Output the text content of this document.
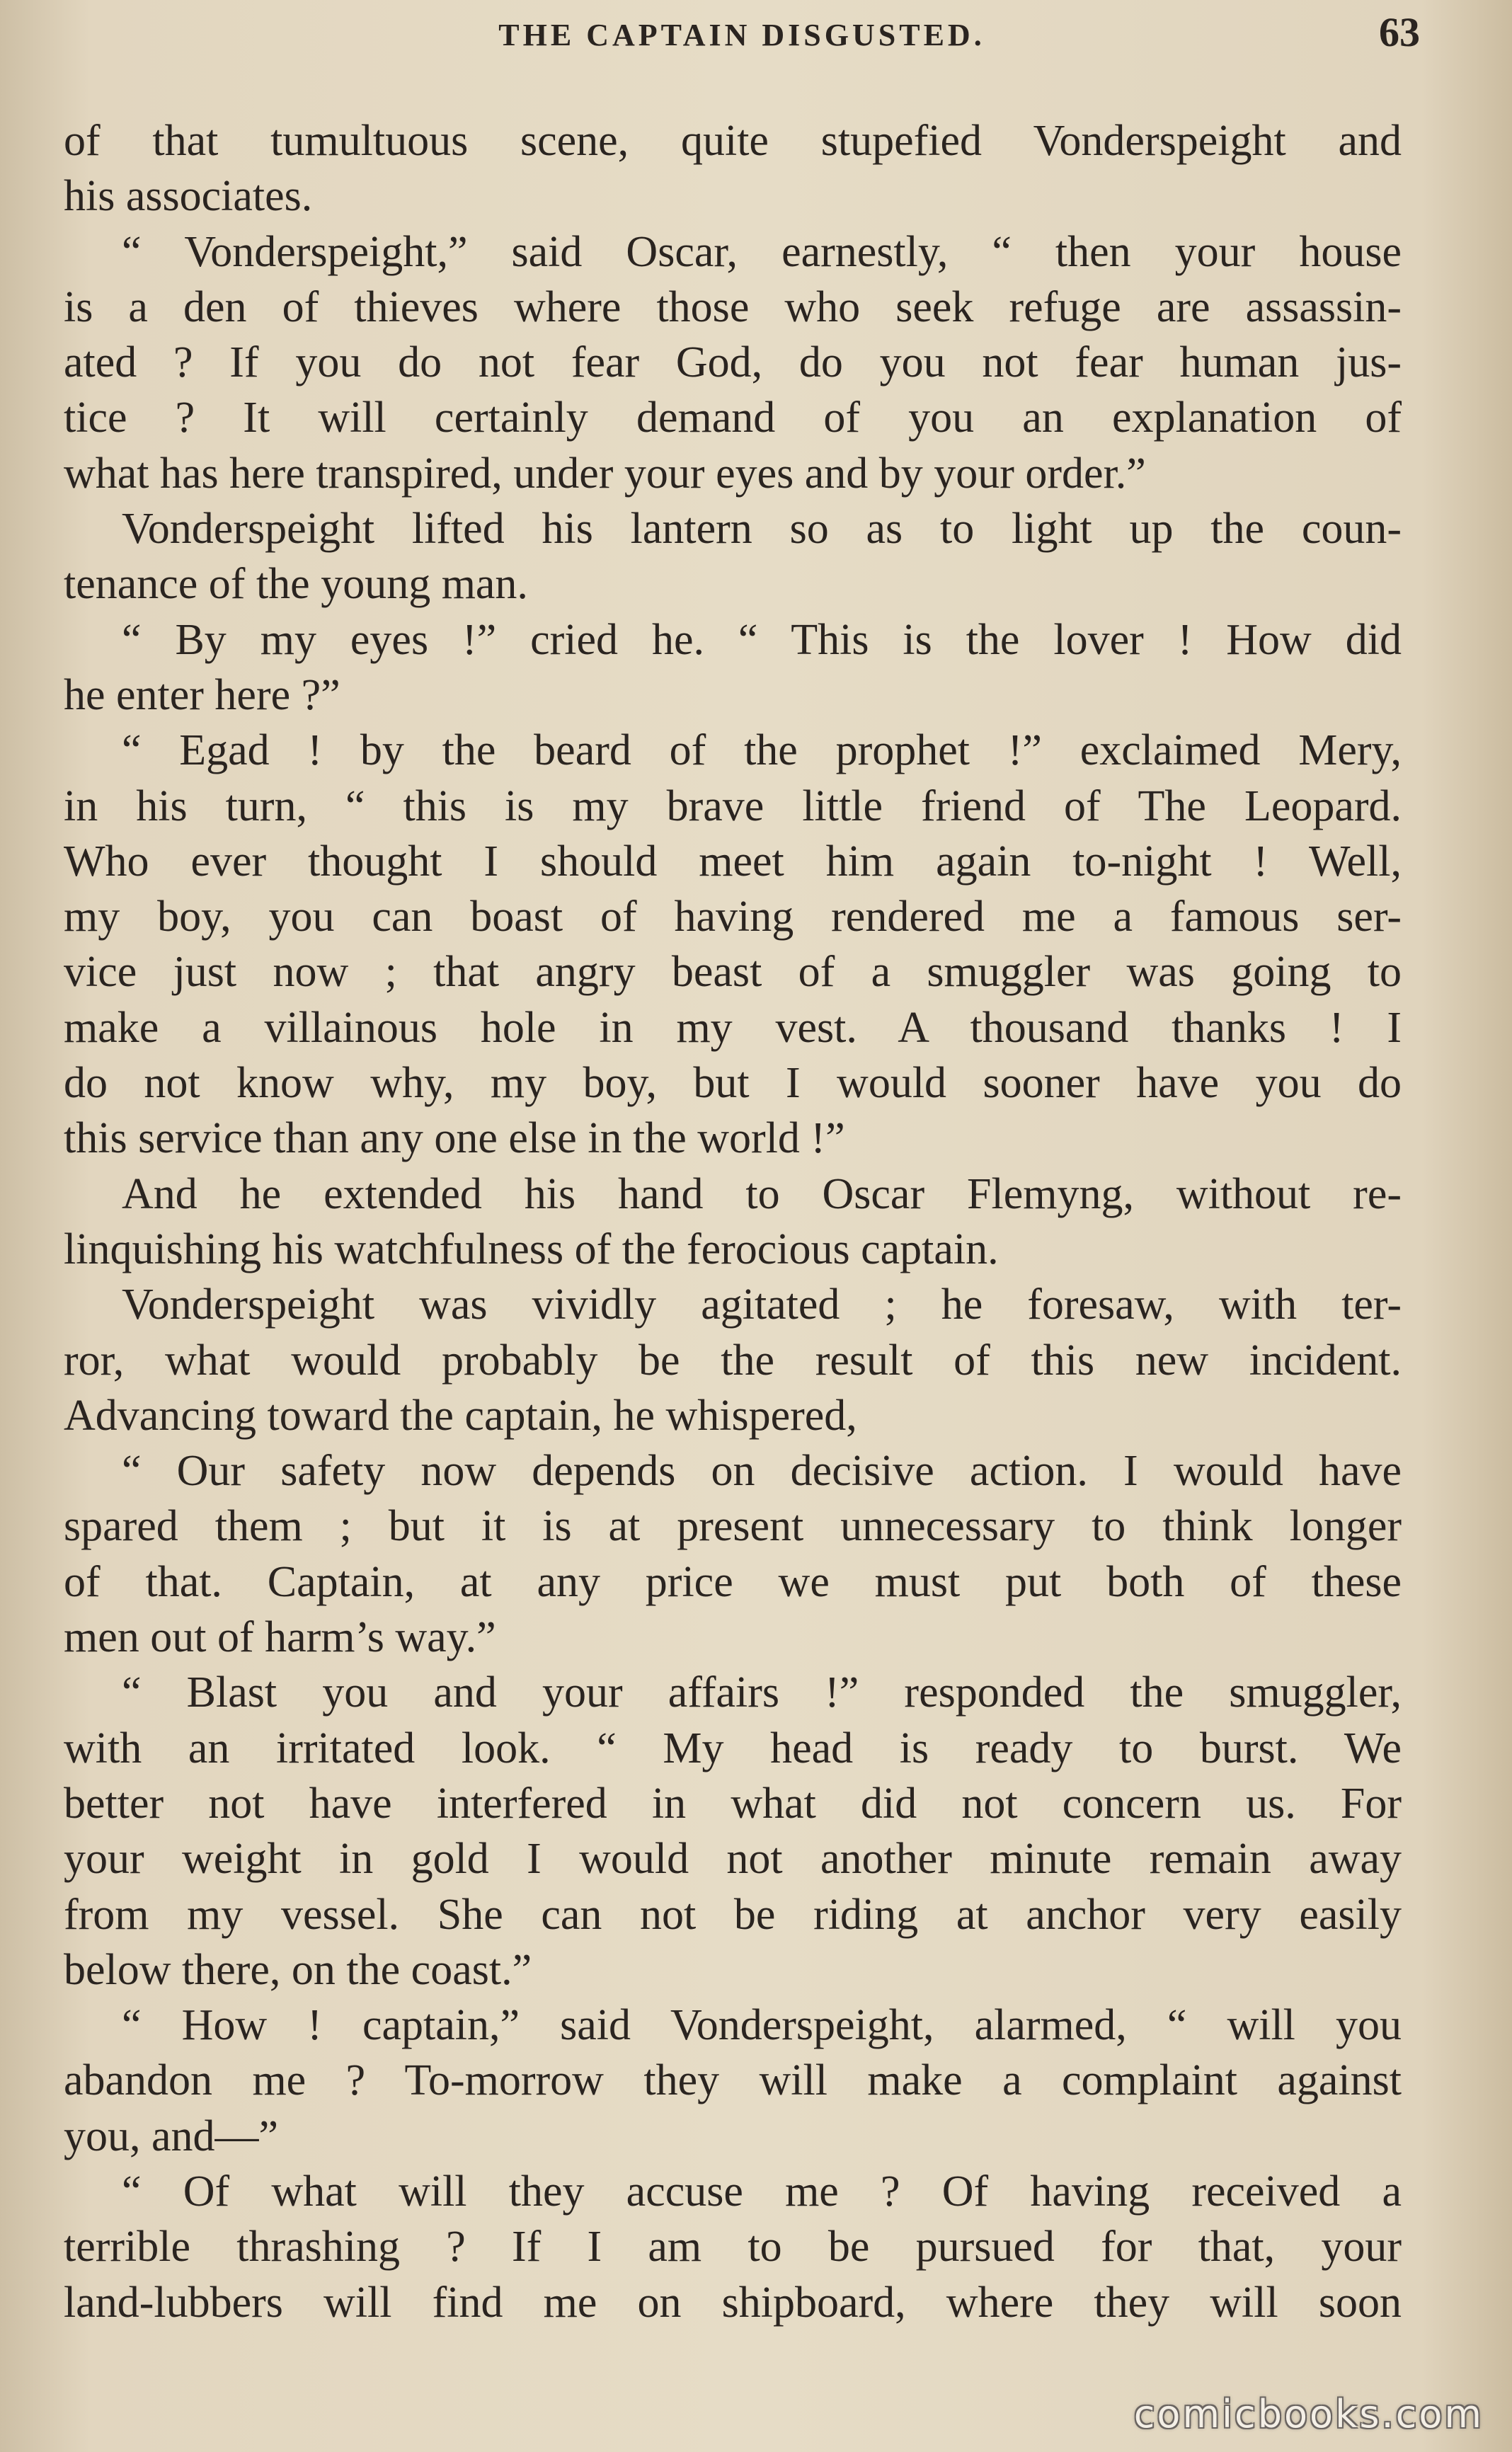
THE CAPTAIN DISGUSTED.	63
of that tumultuous scene, quite stupefied Vonderspeight and
his associates.
“ Vonderspeight,” said Oscar, earnestly, “ then your house
is a den of thieves where those who seek refuge are assassin-
ated ? If you do not fear God, do you not fear human jus-
tice ? It will certainly demand of you an explanation of
what has here transpired, under your eyes and by your order.”
Vonderspeight lifted his lantern so as to light up the coun-
tenance of the young man.
“ By my eyes !” cried he. “ This is the lover ! How did
he enter here ?”
“ Egad ! by the beard of the prophet !” exclaimed Mery,
in his turn, “ this is my brave little friend of The Leopard.
Who ever thought I should meet him again to-night ! Well,
my boy, you can boast of having rendered me a famous ser-
vice just now ; that angry beast of a smuggler was going to
make a villainous hole in my vest. A thousand thanks ! I
do not know why, my boy, but I would sooner have you do
this service than any one else in the world !”
And he extended his hand to Oscar Flemyng, without re-
linquishing his watchfulness of the ferocious captain.
Vonderspeight was vividly agitated ; he foresaw, with ter-
ror, what would probably be the result of this new incident.
Advancing toward the captain, he whispered,
“ Our safety now depends on decisive action. I would have
spared them ; but it is at present unnecessary to think longer
of that. Captain, at any price we must put both of these
men out of harm’s way.”
“ Blast you and your affairs !” responded the smuggler,
with an irritated look. “ My head is ready to burst. We
better not have interfered in what did not concern us. For
your weight in gold I would not another minute remain away
from my vessel. She can not be riding at anchor very easily
below there, on the coast.”
“ How ! captain,” said Vonderspeight, alarmed, “ will you
abandon me ? To-morrow they will make a complaint against
you, and—”
“ Of what will they accuse me ? Of having received a
terrible thrashing ? If I am to be pursued for that, your
land-lubbers will find me on shipboard, where they will soon
comicbooks.com
